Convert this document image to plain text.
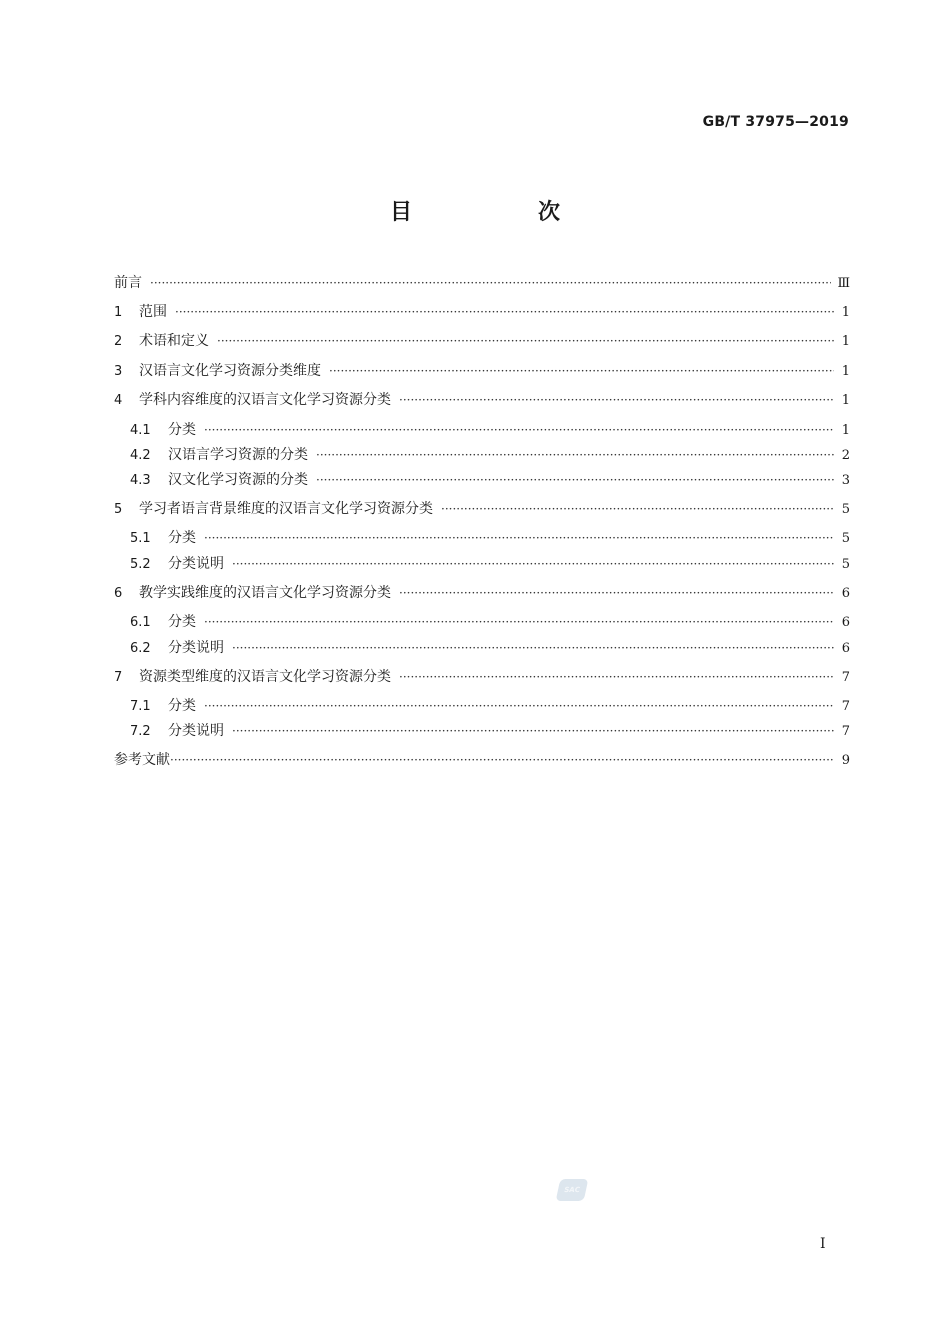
GB/T 37975—2019
目　次
前言 ·····	Ⅲ
1	范围 ·····	1
2	术语和定义 ·····	1
3	汉语言文化学习资源分类维度 ·····	1
4	学科内容维度的汉语言文化学习资源分类 ·····	1
4.1	分类 ·····	1
4.2	汉语言学习资源的分类 ·····	2
4.3	汉文化学习资源的分类 ·····	3
5	学习者语言背景维度的汉语言文化学习资源分类 ·····	5
5.1	分类 ·····	5
5.2	分类说明 ·····	5
6	教学实践维度的汉语言文化学习资源分类 ·····	6
6.1	分类 ·····	6
6.2	分类说明 ·····	6
7	资源类型维度的汉语言文化学习资源分类 ·····	7
7.1	分类 ·····	7
7.2	分类说明 ·····	7
参考文献 ·····	9
SAC
Ⅰ
